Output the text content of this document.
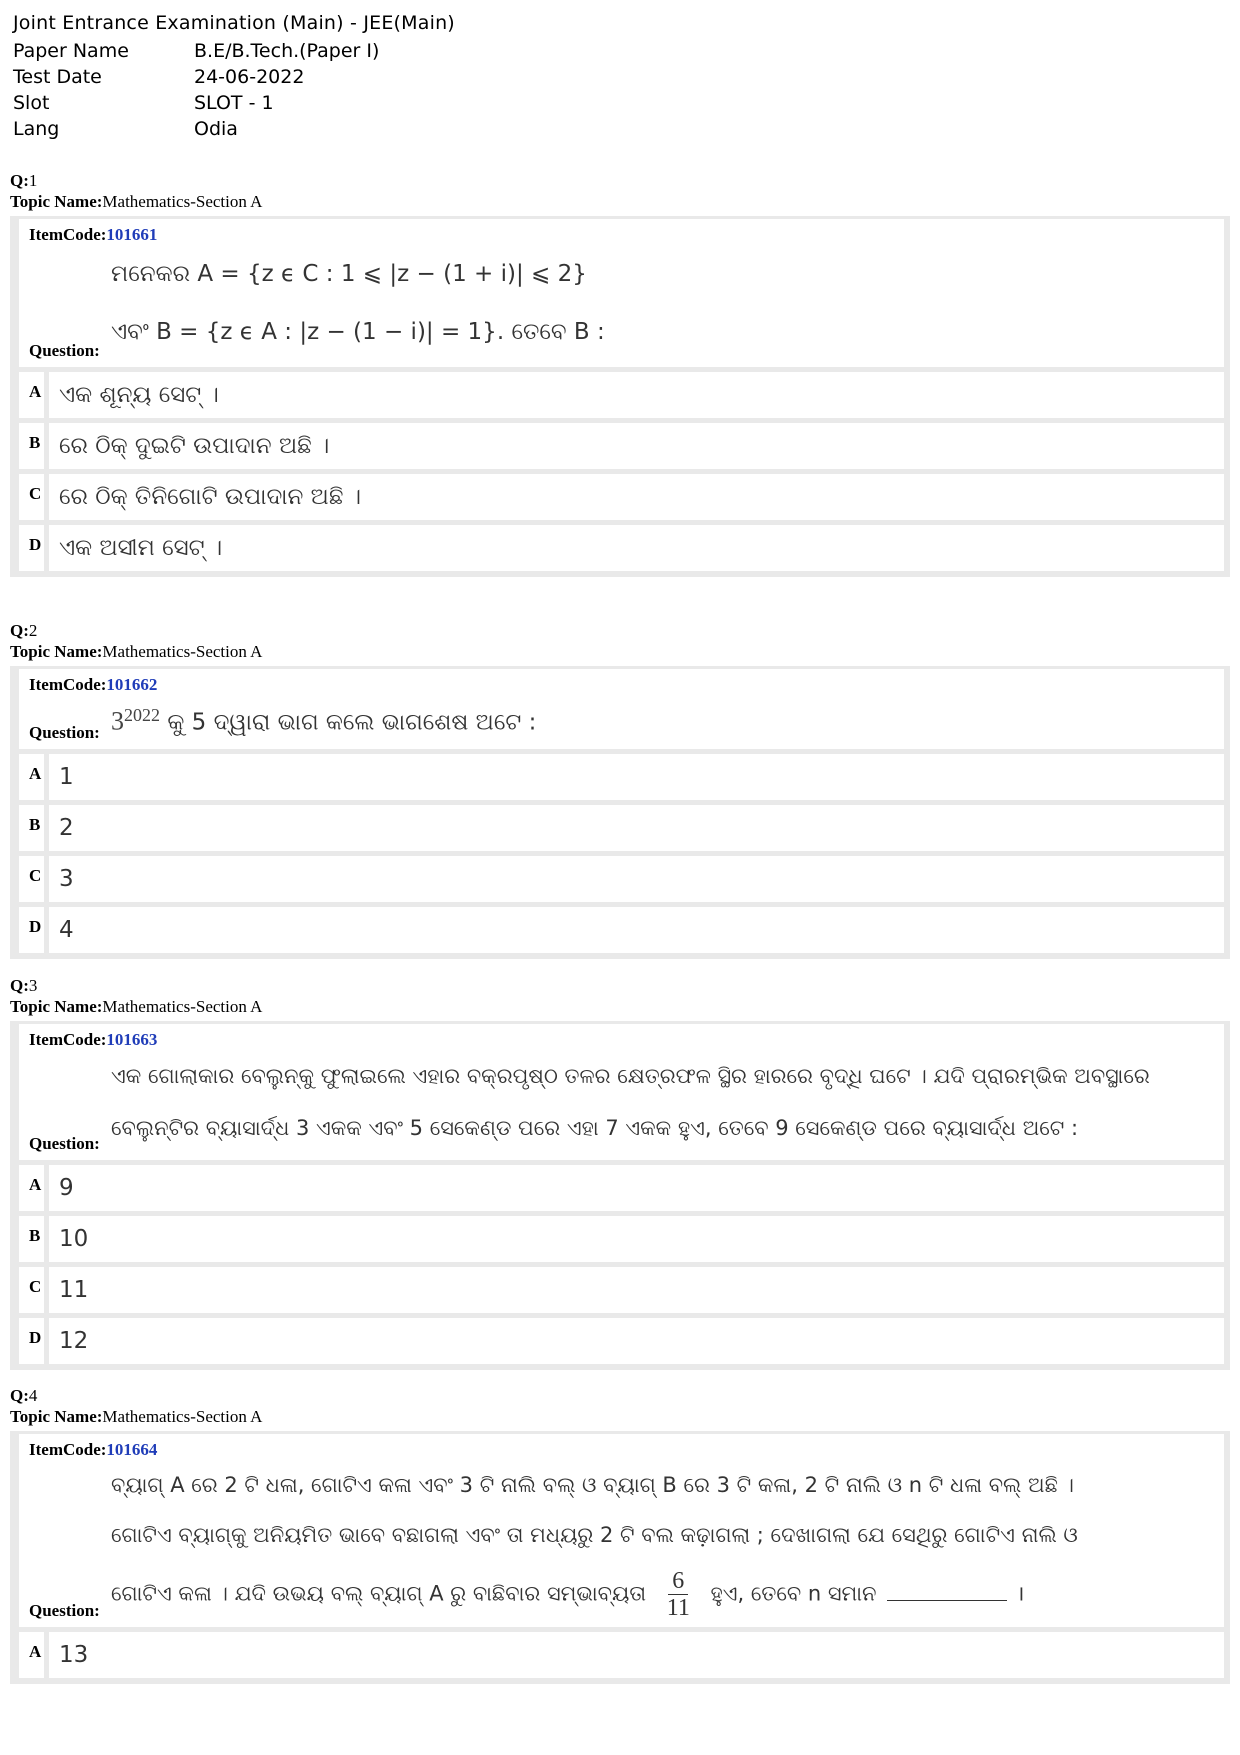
Joint Entrance Examination (Main) - JEE(Main)
Paper Name	B.E/B.Tech.(Paper I)
Test Date	24-06-2022
Slot	SLOT - 1
Lang	Odia
Q:1
Topic Name:Mathematics-Section A
ItemCode:101661
Question:
ମନେକର A = {z ϵ C : 1 ⩽ |z − (1 + i)| ⩽ 2}
ଏବଂ B = {z ϵ A : |z − (1 − i)| = 1}. ତେବେ B :
A ଏକ ଶୂନ୍ୟ ସେଟ୍ ।
B ରେ ଠିକ୍ ଦୁଇଟି ଉପାଦାନ ଅଛି ।
C ରେ ଠିକ୍ ତିନିଗୋଟି ଉପାଦାନ ଅଛି ।
D ଏକ ଅସୀମ ସେଟ୍ ।
Q:2
Topic Name:Mathematics-Section A
ItemCode:101662
Question: $3^{2022}$ କୁ 5 ଦ୍ୱାରା ଭାଗ କଲେ ଭାଗଶେଷ ଅଟେ :
A 1
B 2
C 3
D 4
Q:3
Topic Name:Mathematics-Section A
ItemCode:101663
Question:
ଏକ ଗୋଲାକାର ବେଲୁନ୍‌କୁ ଫୁଲାଇଲେ ଏହାର ବକ୍ରପୃଷ୍ଠ ତଳର କ୍ଷେତ୍ରଫଳ ସ୍ଥିର ହାରରେ ବୃଦ୍ଧି ଘଟେ । ଯଦି ପ୍ରାରମ୍ଭିକ ଅବସ୍ଥାରେ
ବେଲୁନ୍‌ଟିର ବ୍ୟାସାର୍ଦ୍ଧ 3 ଏକକ ଏବଂ 5 ସେକେଣ୍ଡ ପରେ ଏହା 7 ଏକକ ହୁଏ, ତେବେ 9 ସେକେଣ୍ଡ ପରେ ବ୍ୟାସାର୍ଦ୍ଧ ଅଟେ :
A 9
B 10
C 11
D 12
Q:4
Topic Name:Mathematics-Section A
ItemCode:101664
Question:
ବ୍ୟାଗ୍ A ରେ 2 ଟି ଧଳା, ଗୋଟିଏ କଳା ଏବଂ 3 ଟି ନାଲି ବଲ୍ ଓ ବ୍ୟାଗ୍ B ରେ 3 ଟି କଳା, 2 ଟି ନାଲି ଓ n ଟି ଧଳା ବଲ୍ ଅଛି ।
ଗୋଟିଏ ବ୍ୟାଗ୍‌କୁ ଅନିୟମିତ ଭାବେ ବଛାଗଲା ଏବଂ ତା ମଧ୍ୟରୁ 2 ଟି ବଲ କଢ଼ାଗଲା ; ଦେଖାଗଲା ଯେ ସେଥିରୁ ଗୋଟିଏ ନାଲି ଓ
ଗୋଟିଏ କଳା । ଯଦି ଉଭୟ ବଲ୍ ବ୍ୟାଗ୍ A ରୁ ବାଛିବାର ସମ୍ଭାବ୍ୟତା $\frac{6}{11}$ ହୁଏ, ତେବେ n ସମାନ	।
A 13
